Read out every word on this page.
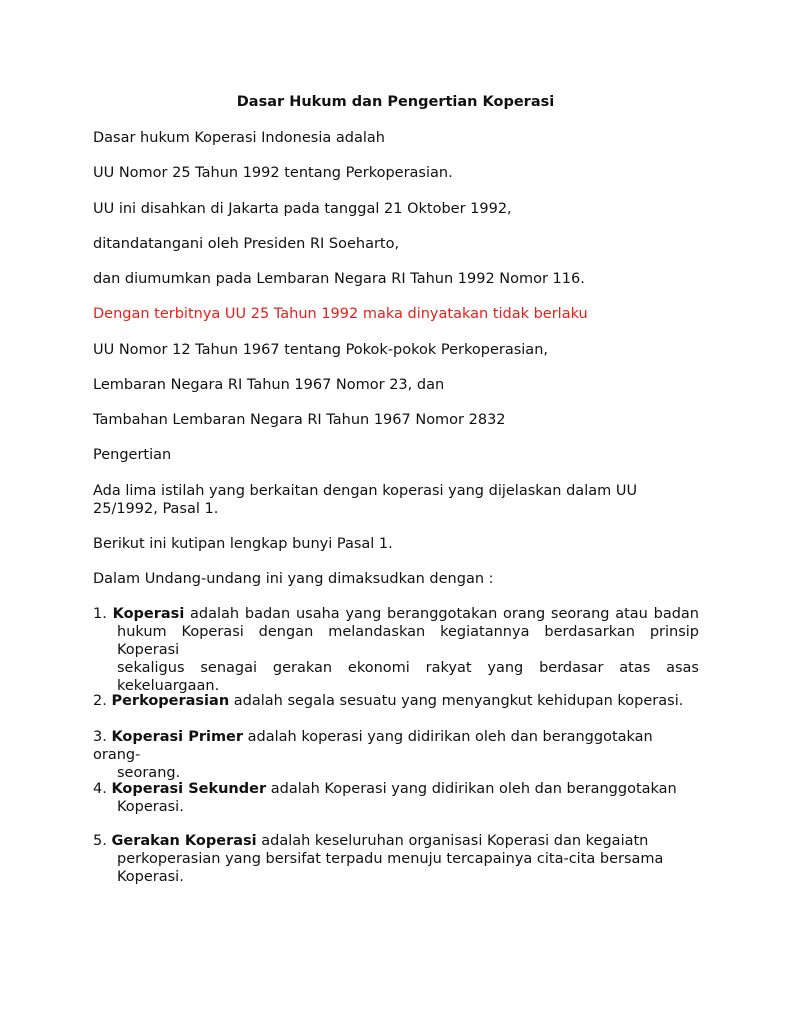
Dasar Hukum dan Pengertian Koperasi

Dasar hukum Koperasi Indonesia adalah

UU Nomor 25 Tahun 1992 tentang Perkoperasian.

UU ini disahkan di Jakarta pada tanggal 21 Oktober 1992,

ditandatangani oleh Presiden RI Soeharto,

dan diumumkan pada Lembaran Negara RI Tahun 1992 Nomor 116.

Dengan terbitnya UU 25 Tahun 1992 maka dinyatakan tidak berlaku

UU Nomor 12 Tahun 1967 tentang Pokok-pokok Perkoperasian,

Lembaran Negara RI Tahun 1967 Nomor 23, dan

Tambahan Lembaran Negara RI Tahun 1967 Nomor 2832

Pengertian

Ada lima istilah yang berkaitan dengan koperasi yang dijelaskan dalam UU
25/1992, Pasal 1.

Berikut ini kutipan lengkap bunyi Pasal 1.

Dalam Undang-undang ini yang dimaksudkan dengan :

1. Koperasi adalah badan usaha yang beranggotakan orang seorang atau badan
hukum Koperasi dengan melandaskan kegiatannya berdasarkan prinsip Koperasi
sekaligus senagai gerakan ekonomi rakyat yang berdasar atas asas
kekeluargaan.
2. Perkoperasian adalah segala sesuatu yang menyangkut kehidupan koperasi.
3. Koperasi Primer adalah koperasi yang didirikan oleh dan beranggotakan orang-
seorang.
4. Koperasi Sekunder adalah Koperasi yang didirikan oleh dan beranggotakan
Koperasi.
5. Gerakan Koperasi adalah keseluruhan organisasi Koperasi dan kegaiatn
perkoperasian yang bersifat terpadu menuju tercapainya cita-cita bersama
Koperasi.
